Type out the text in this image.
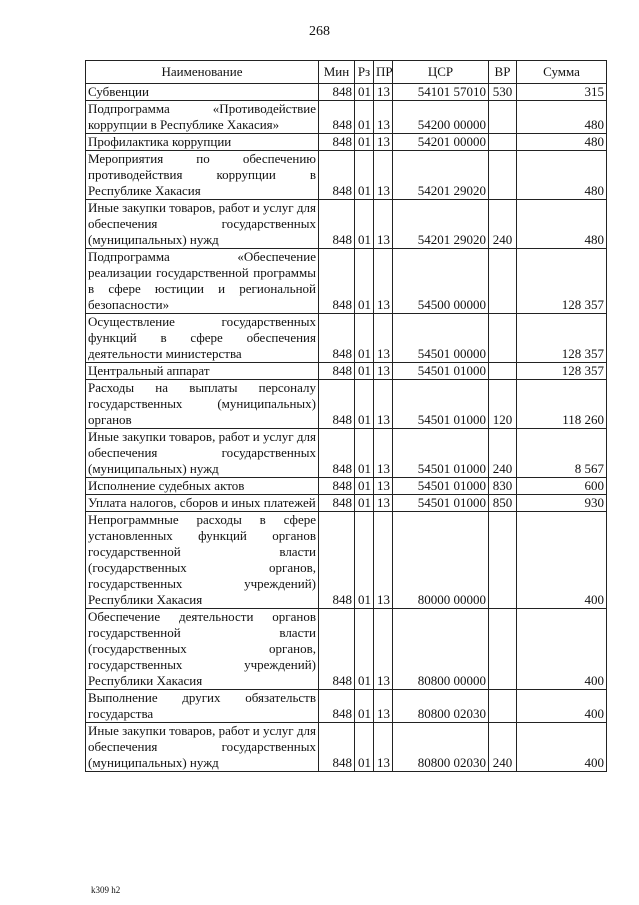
268
Наименование	Мин	Рз	ПР	ЦСР	ВР	Сумма
Субвенции	848	01	13	54101 57010	530	315
Подпрограмма «Противодействие коррупции в Республике Хакасия»	848	01	13	54200 00000		480
Профилактика коррупции	848	01	13	54201 00000		480
Мероприятия по обеспечению противодействия коррупции в Республике Хакасия	848	01	13	54201 29020		480
Иные закупки товаров, работ и услуг для обеспечения государственных (муниципальных) нужд	848	01	13	54201 29020	240	480
Подпрограмма «Обеспечение реализации государственной программы в сфере юстиции и региональной безопасности»	848	01	13	54500 00000		128 357
Осуществление государственных функций в сфере обеспечения деятельности министерства	848	01	13	54501 00000		128 357
Центральный аппарат	848	01	13	54501 01000		128 357
Расходы на выплаты персоналу государственных (муниципальных) органов	848	01	13	54501 01000	120	118 260
Иные закупки товаров, работ и услуг для обеспечения государственных (муниципальных) нужд	848	01	13	54501 01000	240	8 567
Исполнение судебных актов	848	01	13	54501 01000	830	600
Уплата налогов, сборов и иных платежей	848	01	13	54501 01000	850	930
Непрограммные расходы в сфере установленных функций органов государственной власти (государственных органов, государственных учреждений) Республики Хакасия	848	01	13	80000 00000		400
Обеспечение деятельности органов государственной власти (государственных органов, государственных учреждений) Республики Хакасия	848	01	13	80800 00000		400
Выполнение других обязательств государства	848	01	13	80800 02030		400
Иные закупки товаров, работ и услуг для обеспечения государственных (муниципальных) нужд	848	01	13	80800 02030	240	400
k309 h2
